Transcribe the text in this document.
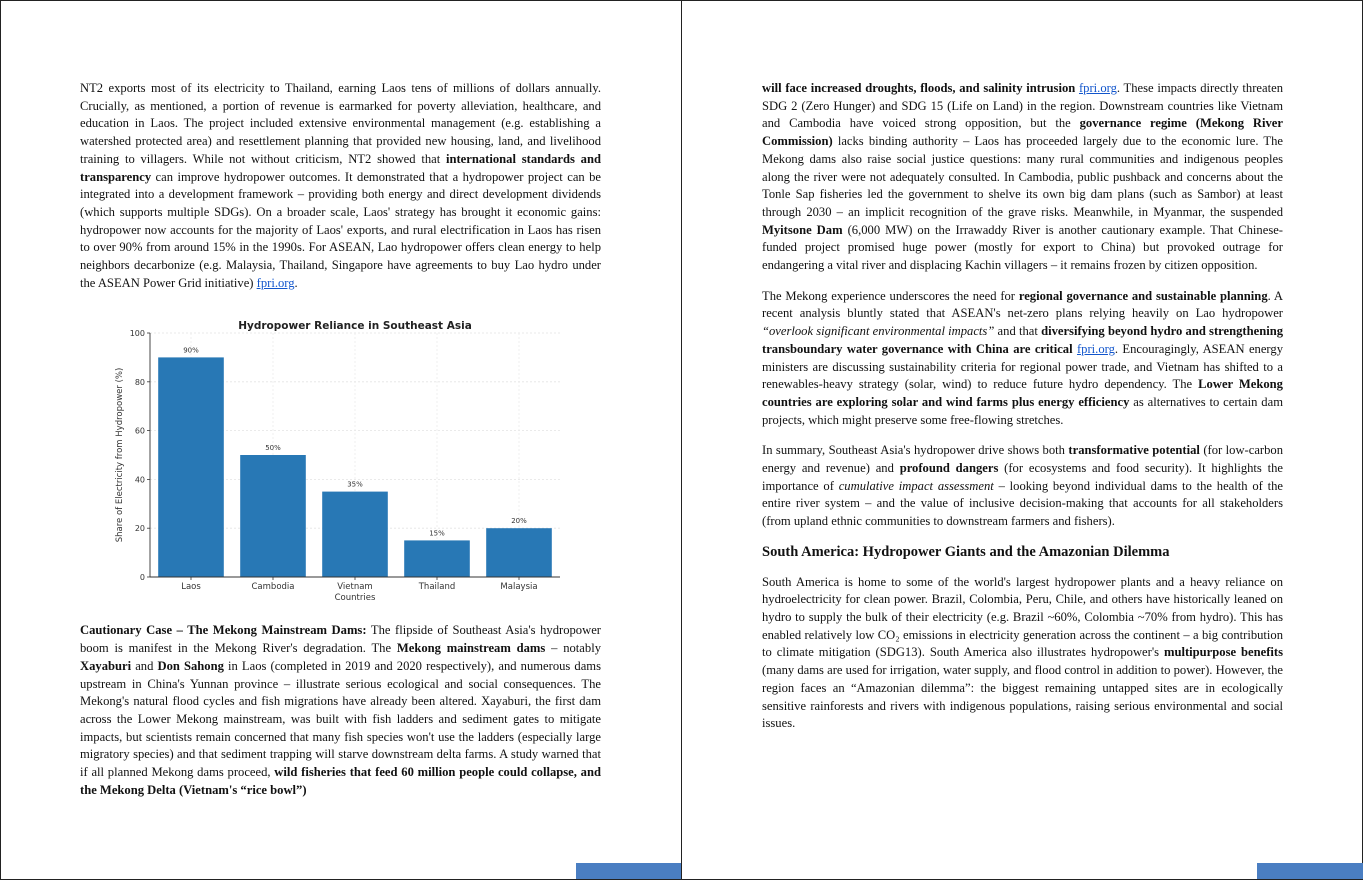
NT2 exports most of its electricity to Thailand, earning Laos tens of millions of dollars annually. Crucially, as mentioned, a portion of revenue is earmarked for poverty alleviation, healthcare, and education in Laos. The project included extensive environmental management (e.g. establishing a watershed protected area) and resettlement planning that provided new housing, land, and livelihood training to villagers. While not without criticism, NT2 showed that international standards and transparency can improve hydropower outcomes. It demonstrated that a hydropower project can be integrated into a development framework – providing both energy and direct development dividends (which supports multiple SDGs). On a broader scale, Laos' strategy has brought it economic gains: hydropower now accounts for the majority of Laos' exports, and rural electrification in Laos has risen to over 90% from around 15% in the 1990s. For ASEAN, Lao hydropower offers clean energy to help neighbors decarbonize (e.g. Malaysia, Thailand, Singapore have agreements to buy Lao hydro under the ASEAN Power Grid initiative) fpri.org.

Hydropower Reliance in Southeast Asia
0
20
40
60
80
100
90%
50%
35%
15%
20%
Laos	Cambodia	Vietnam Countries
Thailand	Malaysia
Share of Electricity from Hydropower (%)

Cautionary Case – The Mekong Mainstream Dams: The flipside of Southeast Asia's hydropower boom is manifest in the Mekong River's degradation. The Mekong mainstream dams – notably Xayaburi and Don Sahong in Laos (completed in 2019 and 2020 respectively), and numerous dams upstream in China's Yunnan province – illustrate serious ecological and social consequences. The Mekong's natural flood cycles and fish migrations have already been altered. Xayaburi, the first dam across the Lower Mekong mainstream, was built with fish ladders and sediment gates to mitigate impacts, but scientists remain concerned that many fish species won't use the ladders (especially large migratory species) and that sediment trapping will starve downstream delta farms. A study warned that if all planned Mekong dams proceed, wild fisheries that feed 60 million people could collapse, and the Mekong Delta (Vietnam's “rice bowl”)

will face increased droughts, floods, and salinity intrusion fpri.org. These impacts directly threaten SDG 2 (Zero Hunger) and SDG 15 (Life on Land) in the region. Downstream countries like Vietnam and Cambodia have voiced strong opposition, but the governance regime (Mekong River Commission) lacks binding authority – Laos has proceeded largely due to the economic lure. The Mekong dams also raise social justice questions: many rural communities and indigenous peoples along the river were not adequately consulted. In Cambodia, public pushback and concerns about the Tonle Sap fisheries led the government to shelve its own big dam plans (such as Sambor) at least through 2030 – an implicit recognition of the grave risks. Meanwhile, in Myanmar, the suspended Myitsone Dam (6,000 MW) on the Irrawaddy River is another cautionary example. That Chinese-funded project promised huge power (mostly for export to China) but provoked outrage for endangering a vital river and displacing Kachin villagers – it remains frozen by citizen opposition.

The Mekong experience underscores the need for regional governance and sustainable planning. A recent analysis bluntly stated that ASEAN's net-zero plans relying heavily on Lao hydropower “overlook significant environmental impacts” and that diversifying beyond hydro and strengthening transboundary water governance with China are critical fpri.org. Encouragingly, ASEAN energy ministers are discussing sustainability criteria for regional power trade, and Vietnam has shifted to a renewables-heavy strategy (solar, wind) to reduce future hydro dependency. The Lower Mekong countries are exploring solar and wind farms plus energy efficiency as alternatives to certain dam projects, which might preserve some free-flowing stretches.

In summary, Southeast Asia's hydropower drive shows both transformative potential (for low-carbon energy and revenue) and profound dangers (for ecosystems and food security). It highlights the importance of cumulative impact assessment – looking beyond individual dams to the health of the entire river system – and the value of inclusive decision-making that accounts for all stakeholders (from upland ethnic communities to downstream farmers and fishers).

South America: Hydropower Giants and the Amazonian Dilemma

South America is home to some of the world's largest hydropower plants and a heavy reliance on hydroelectricity for clean power. Brazil, Colombia, Peru, Chile, and others have historically leaned on hydro to supply the bulk of their electricity (e.g. Brazil ~60%, Colombia ~70% from hydro). This has enabled relatively low CO₂ emissions in electricity generation across the continent – a big contribution to climate mitigation (SDG13). South America also illustrates hydropower's multipurpose benefits (many dams are used for irrigation, water supply, and flood control in addition to power). However, the region faces an “Amazonian dilemma”: the biggest remaining untapped sites are in ecologically sensitive rainforests and rivers with indigenous populations, raising serious environmental and social issues.
